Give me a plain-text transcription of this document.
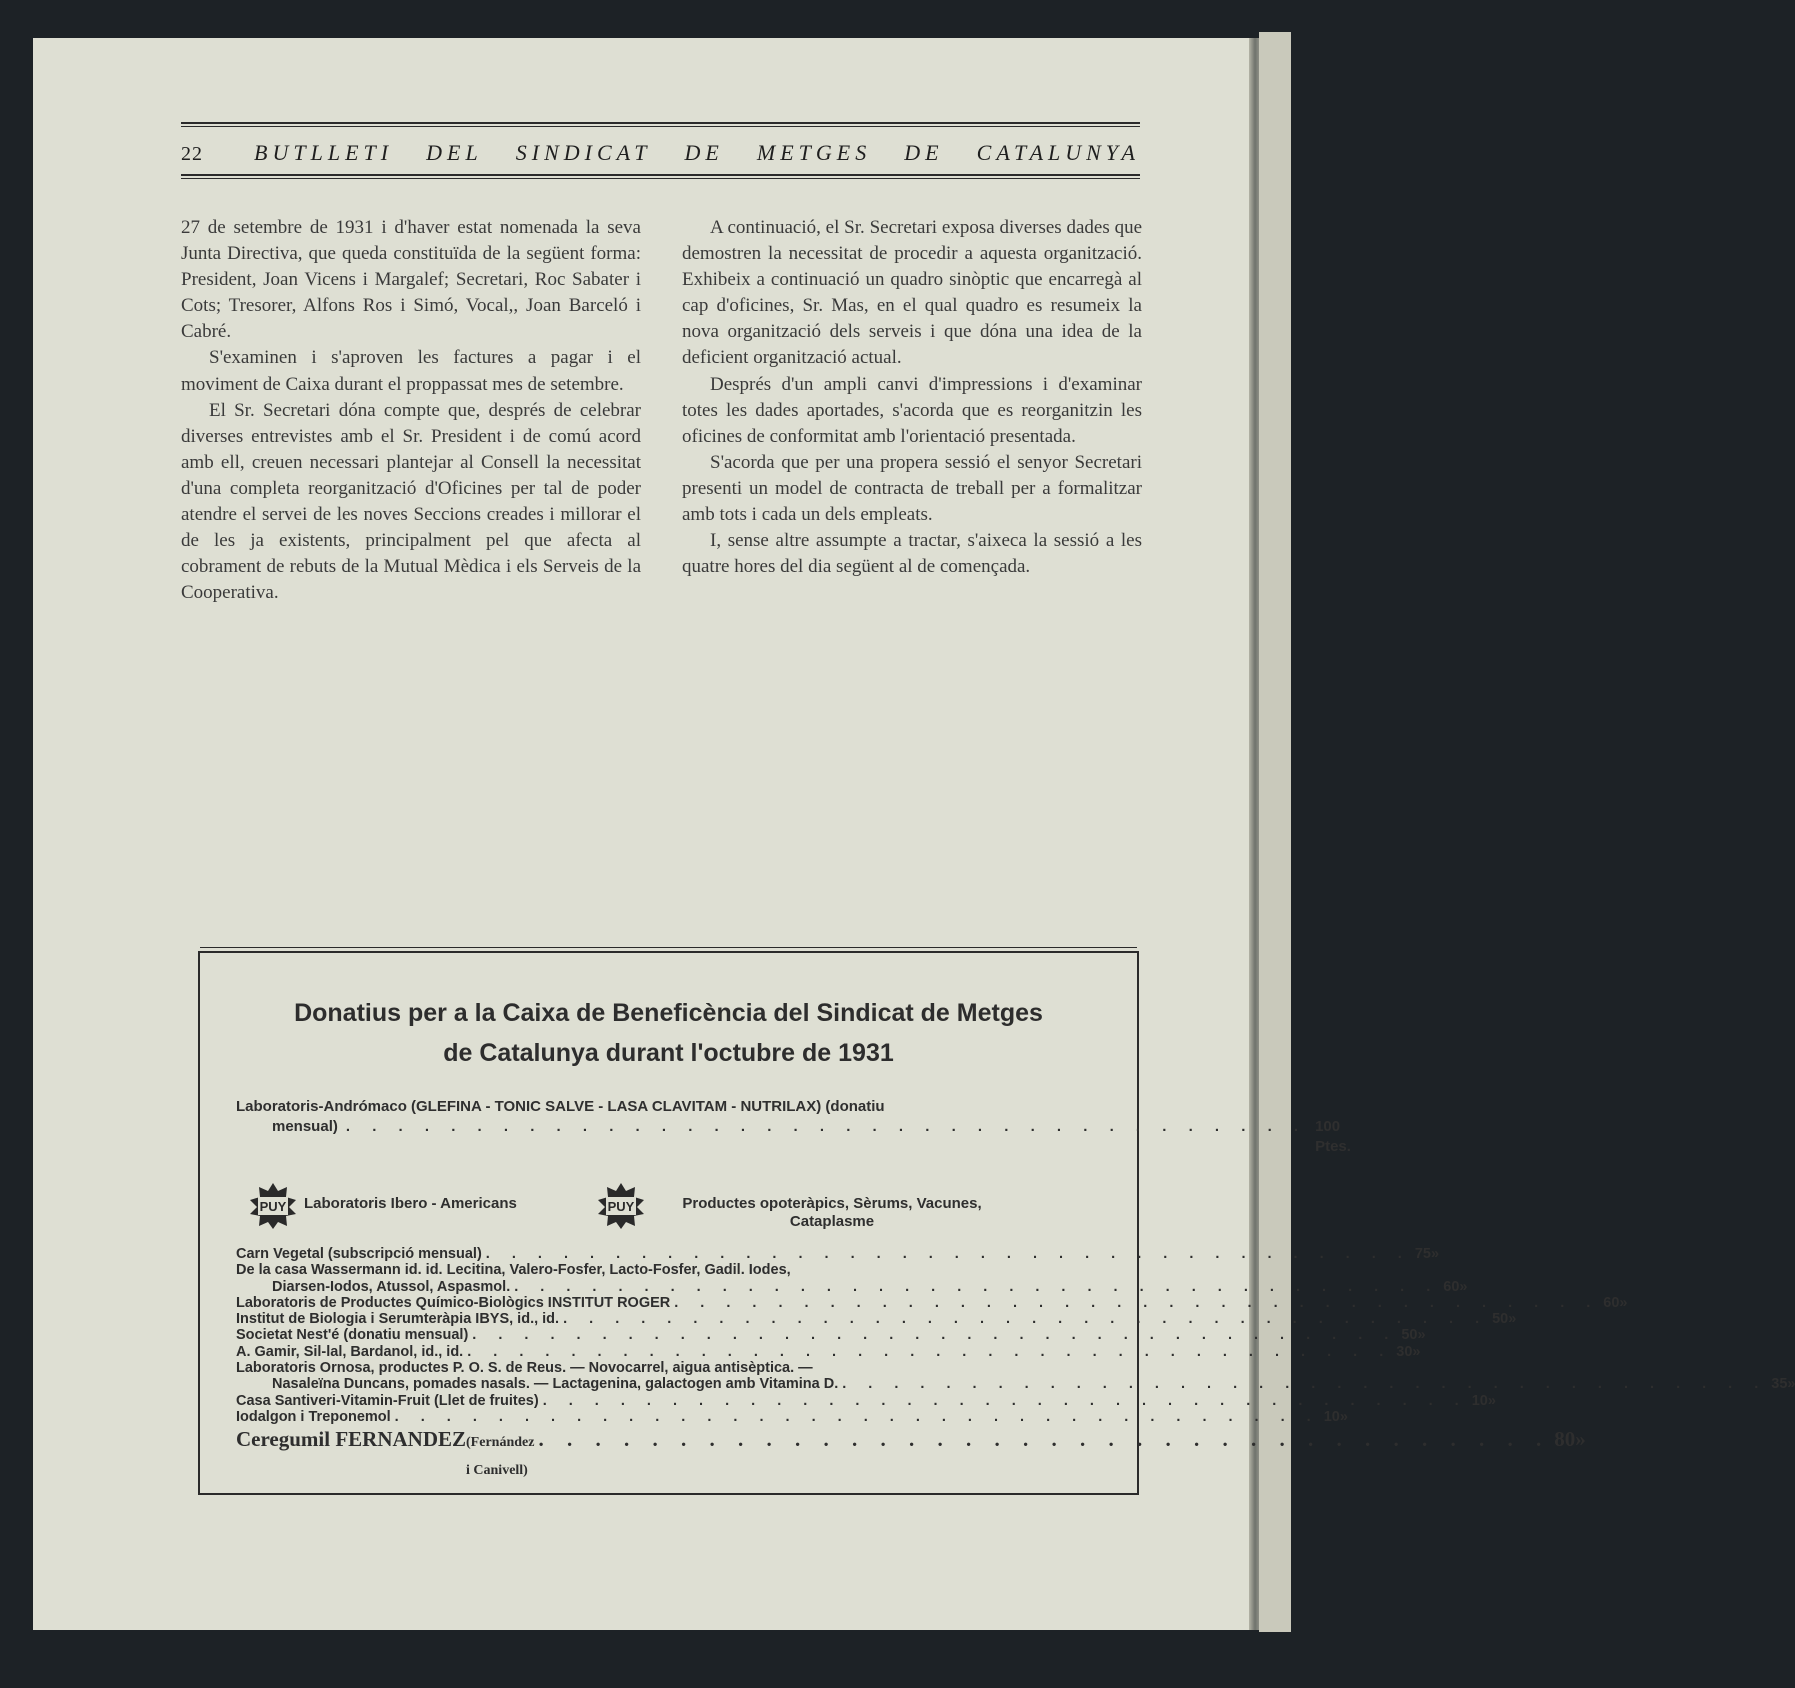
22 BUTLLETI DEL SINDICAT DE METGES DE CATALUNYA

27 de setembre de 1931 i d'haver estat nomenada la seva Junta Directiva, que queda constituïda de la següent forma: President, Joan Vicens i Margalef; Secretari, Roc Sabater i Cots; Tresorer, Alfons Ros i Simó, Vocal,, Joan Barceló i Cabré.

S'examinen i s'aproven les factures a pagar i el moviment de Caixa durant el proppassat mes de setembre.

El Sr. Secretari dóna compte que, després de celebrar diverses entrevistes amb el Sr. President i de comú acord amb ell, creuen necessari plantejar al Consell la necessitat d'una completa reorganització d'Oficines per tal de poder atendre el servei de les noves Seccions creades i millorar el de les ja existents, principalment pel que afecta al cobrament de rebuts de la Mutual Mèdica i els Serveis de la Cooperativa.

A continuació, el Sr. Secretari exposa diverses dades que demostren la necessitat de procedir a aquesta organització. Exhibeix a continuació un quadro sinòptic que encarregà al cap d'oficines, Sr. Mas, en el qual quadro es resumeix la nova organització dels serveis i que dóna una idea de la deficient organització actual.

Després d'un ampli canvi d'impressions i d'examinar totes les dades aportades, s'acorda que es reorganitzin les oficines de conformitat amb l'orientació presentada.

S'acorda que per una propera sessió el senyor Secretari presenti un model de contracta de treball per a formalitzar amb tots i cada un dels empleats.

I, sense altre assumpte a tractar, s'aixeca la sessió a les quatre hores del dia següent al de començada.

Donatius per a la Caixa de Beneficència del Sindicat de Metges
de Catalunya durant l'octubre de 1931
Laboratoris-Andrómaco (GLEFINA - TONIC SALVE - LASA CLAVITAM - NUTRILAX) (donatiu
mensual) . . . . . . . . . . . . . . . . . . . . . . . . . . . . . . . . . . . . . 100 Ptes.
PUY Laboratoris Ibero - Americans	PUY	Productes opoteràpics, Sèrums, Vacunes,
Cataplasme
Carn Vegetal (subscripció mensual) . . . . . . . . . . . . . . . . . . . . . . . . . . . . . . . . . . . . 75 »
De la casa Wassermann id. id. Lecitina, Valero-Fosfer, Lacto-Fosfer, Gadil. Iodes,
Diarsen-Iodos, Atussol, Aspasmol. . . . . . . . . . . . . . . . . . . . . . . . . . . . . . . . . . . . . 60 »
Laboratoris de Productes Químico-Biològics INSTITUT ROGER . . . . . . . . . . . . . . . . . . . . . . . . . . . . . . . . . . . . 60 »
Institut de Biologia i Serumteràpia IBYS, id., id. . . . . . . . . . . . . . . . . . . . . . . . . . . . . . . . . . . . . 50 »
Societat Nest'é (donatiu mensual) . . . . . . . . . . . . . . . . . . . . . . . . . . . . . . . . . . . . 50 »
A. Gamir, Sil-lal, Bardanol, id., id. . . . . . . . . . . . . . . . . . . . . . . . . . . . . . . . . . . . . 30 »
Laboratoris Ornosa, productes P. O. S. de Reus. — Novocarrel, aigua antisèptica. —
Nasaleïna Duncans, pomades nasals. — Lactagenina, galactogen amb Vitamina D. . . . . . . . . . . . . . . . . . . . . . . . . . . . . . . . . . . . . 35 »
Casa Santiveri-Vitamin-Fruit (Llet de fruites) . . . . . . . . . . . . . . . . . . . . . . . . . . . . . . . . . . . . 10 »
Iodalgon i Treponemol . . . . . . . . . . . . . . . . . . . . . . . . . . . . . . . . . . . . 10 »
Ceregumil FERNANDEZ (Fernández i Canivell)
. . . . . . . . . . . . . . . . . . . . . . . . . . . . . . . . . . . . 80 »
